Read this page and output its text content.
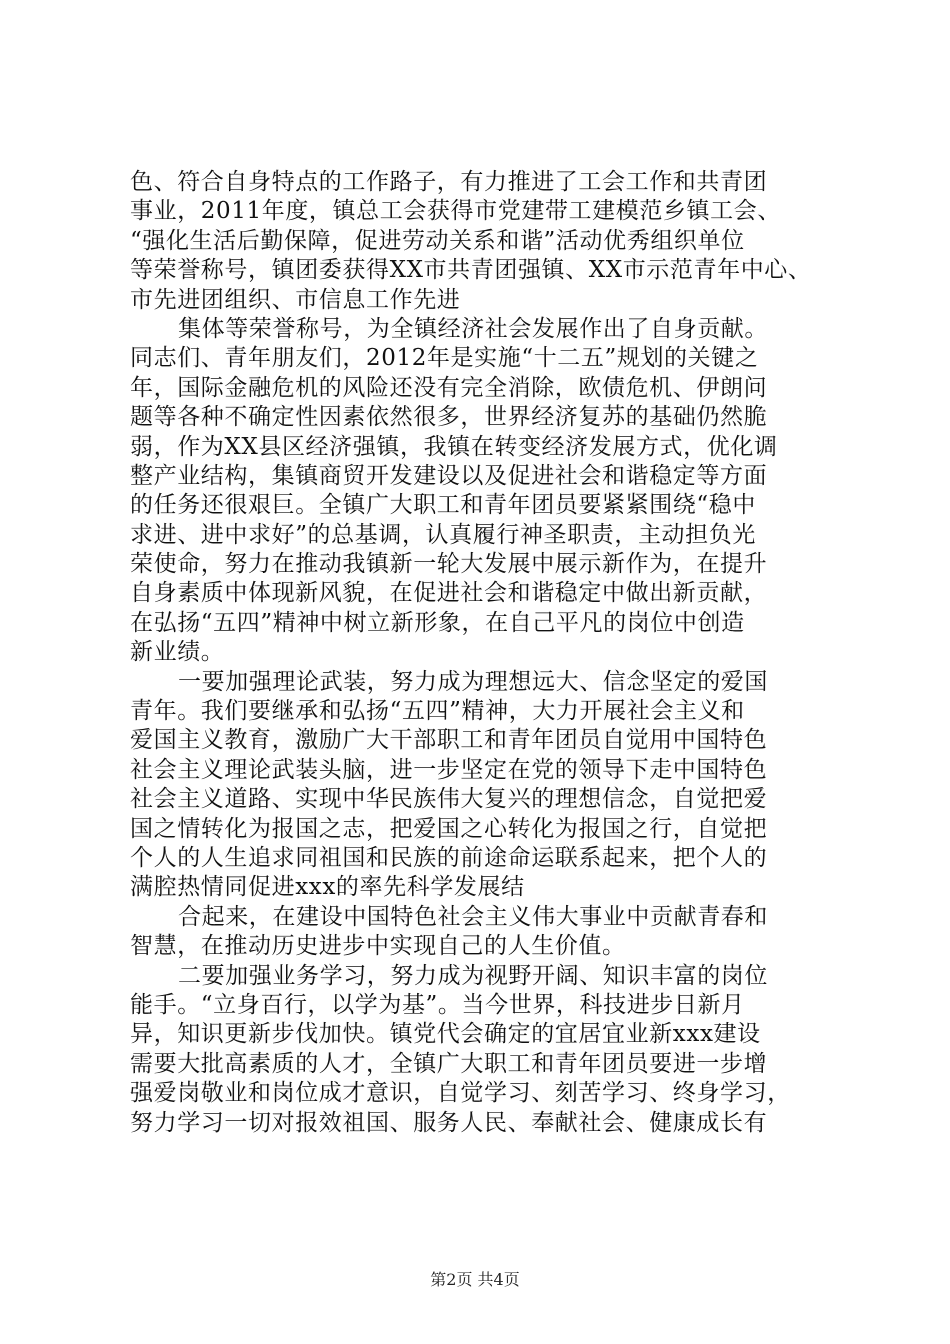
色、符合自身特点的工作路子，有力推进了工会工作和共青团
事业，2011年度，镇总工会获得市党建带工建模范乡镇工会、
“强化生活后勤保障，促进劳动关系和谐”活动优秀组织单位
等荣誉称号，镇团委获得XX市共青团强镇、XX市示范青年中心、
市先进团组织、市信息工作先进
集体等荣誉称号，为全镇经济社会发展作出了自身贡献。
同志们、青年朋友们，2012年是实施“十二五”规划的关键之
年，国际金融危机的风险还没有完全消除，欧债危机、伊朗问
题等各种不确定性因素依然很多，世界经济复苏的基础仍然脆
弱，作为XX县区经济强镇，我镇在转变经济发展方式，优化调
整产业结构，集镇商贸开发建设以及促进社会和谐稳定等方面
的任务还很艰巨。全镇广大职工和青年团员要紧紧围绕“稳中
求进、进中求好”的总基调，认真履行神圣职责，主动担负光
荣使命，努力在推动我镇新一轮大发展中展示新作为，在提升
自身素质中体现新风貌，在促进社会和谐稳定中做出新贡献，
在弘扬“五四”精神中树立新形象，在自己平凡的岗位中创造
新业绩。
一要加强理论武装，努力成为理想远大、信念坚定的爱国
青年。我们要继承和弘扬“五四”精神，大力开展社会主义和
爱国主义教育，激励广大干部职工和青年团员自觉用中国特色
社会主义理论武装头脑，进一步坚定在党的领导下走中国特色
社会主义道路、实现中华民族伟大复兴的理想信念，自觉把爱
国之情转化为报国之志，把爱国之心转化为报国之行，自觉把
个人的人生追求同祖国和民族的前途命运联系起来，把个人的
满腔热情同促进xxx的率先科学发展结
合起来，在建设中国特色社会主义伟大事业中贡献青春和
智慧，在推动历史进步中实现自己的人生价值。
二要加强业务学习，努力成为视野开阔、知识丰富的岗位
能手。“立身百行，以学为基”。当今世界，科技进步日新月
异，知识更新步伐加快。镇党代会确定的宜居宜业新xxx建设
需要大批高素质的人才，全镇广大职工和青年团员要进一步增
强爱岗敬业和岗位成才意识，自觉学习、刻苦学习、终身学习，
努力学习一切对报效祖国、服务人民、奉献社会、健康成长有
第2页 共4页
